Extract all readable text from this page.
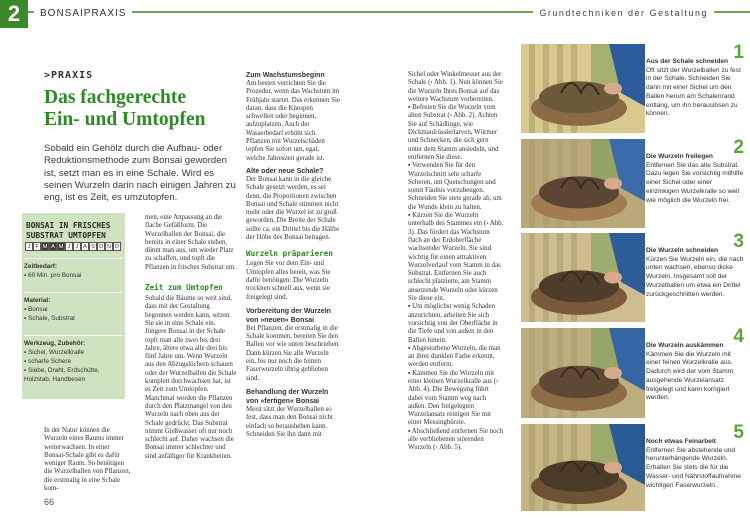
2	BONSAIPRAXIS	Grundtechniken der Gestaltung
>PRAXIS
Das fachgerechte
Ein- und Umtopfen
Sobald ein Gehölz durch die Aufbau- oder Reduktionsmethode zum Bonsai geworden ist, setzt man es in eine Schale. Wird es seinen Wurzeln darin nach einigen Jahren zu eng, ist es Zeit, es umzutopfen.
BONSAI IN FRISCHES
SUBSTRAT UMTOPFEN
J F M A M J J A S O N D
Zeitbedarf:
▪ 60 Min. pro Bonsai
Material:
▪ Bonsai
▪ Schale, Substrat
Werkzeug, Zubehör:
▪ Sichel, Wurzelkralle
▪ scharfe Schere
▪ Siebe, Draht, Erdschütte, Holzstab, Handbesen

In der Natur können die Wurzeln eines Baums immer weiterwachsen. In einer Bonsai-Schale gibt es dafür weniger Raum. So benötigen die Wurzelballen von Pflanzen, die erstmalig in eine Schale kom-

men, eine Anpassung an die flache Gefäßform. Die Wurzelballen der Bonsai, die bereits in einer Schale stehen, dünnt man aus, um wieder Platz zu schaffen, und topft die Pflanzen in frisches Substrat um.

Zeit zum Umtopfen

Sobald die Bäume so weit sind, dass mit der Gestaltung begonnen werden kann, setzen Sie sie in eine Schale ein. Jüngere Bonsai in der Schale topft man alle zwei bis drei Jahre, ältere etwa alle drei bis fünf Jahre um. Wenn Wurzeln aus den Abzugslöchern schauen oder der Wurzelballen die Schale komplett durchwachsen hat, ist es Zeit zum Umtopfen. Manchmal werden die Pflanzen durch den Platzmangel von den Wurzeln nach oben aus der Schale gedrückt. Das Substrat nimmt Gießwasser oft nur noch schlecht auf. Daher wachsen die Bonsai immer schlechter und sind anfälliger für Krankheiten.

Zum Wachstumsbeginn

Am besten verrichten Sie die Prozedur, wenn das Wachstum im Frühjahr startet. Das erkennen Sie daran, dass die Knospen schwellen oder beginnen, aufzuplatzen. Auch der Wasserbedarf erhöht sich. Pflanzen mit Wurzelschäden topfen Sie sofort um, egal, welche Jahreszeit gerade ist.

Alte oder neue Schale?

Der Bonsai kann in die gleiche Schale gesetzt werden, es sei denn, die Proportionen zwischen Bonsai und Schale stimmen nicht mehr oder die Wurzel ist zu groß geworden. Die Breite der Schale sollte ca. ein Drittel bis die Hälfte der Höhe des Bonsai betragen.

Wurzeln präparieren

Legen Sie vor dem Ein- und Umtopfen alles bereit, was Sie dafür benötigen: Die Wurzeln trocknen schnell aus, wenn sie freigelegt sind.

Vorbereitung der Wurzeln von »neuen« Bonsai

Bei Pflanzen, die erstmalig in die Schale kommen, bereiten Sie den Ballen vor wie unten beschrieben. Dann kürzen Sie alle Wurzeln ein, bis nur noch die feinen Faserwurzeln übrig geblieben sind.

Behandlung der Wurzeln von »fertigen« Bonsai

Meist sitzt der Wurzelballen so fest, dass man den Bonsai nicht einfach so herausheben kann. Schneiden Sie ihn dann mit

Sichel oder Winkelmesser aus der Schale (› Abb. 1). Nun können Sie die Wurzeln Ihres Bonsai auf das weitere Wachstum vorbereiten.

▪ Befreien Sie die Wurzeln vom alten Substrat (› Abb. 2). Achten Sie auf Schädlinge, wie Dickmaulrüsslerlarven, Würmer und Schnecken, die sich gern unter dem Stamm ansiedeln, und entfernen Sie diese.

▪ Verwenden Sie für den Wurzelschnitt sehr scharfe Scheren, um Quetschungen und somit Fäulnis vorzubeugen. Schneiden Sie stets gerade ab, um die Wunde klein zu halten.

▪ Kürzen Sie die Wurzeln unterhalb des Stammes ein (› Abb. 3). Das fördert das Wachstum flach an der Erdoberfläche wachsender Wurzeln. Sie sind wichtig für einen attraktiven Wurzelverlauf vom Stamm in das Substrat. Entfernen Sie auch schlecht platzierte, am Stamm ansetzende Wurzeln oder kürzen Sie diese ein.

▪ Um möglichst wenig Schaden anzurichten, arbeiten Sie sich vorsichtig von der Oberfläche in die Tiefe und von außen in den Ballen hinein.

▪ Abgestorbene Wurzeln, die man an ihrer dunklen Farbe erkennt, werden entfernt.

▪ Kämmen Sie die Wurzeln mit einer kleinen Wurzelkralle aus (› Abb. 4). Die Bewegung führt dabei vom Stamm weg nach außen. Den freigelegten Wurzelansatz reinigen Sie mit einer Messingbürste.

▪ Abschließend entfernen Sie noch alle verbliebenen störenden Wurzeln (› Abb. 5).

66
Aus der Schale schneiden
Oft sitzt der Wurzelballen zu fest in der Schale. Schneiden Sie dann mit einer Sichel um den Ballen herum am Schalenrand entlang, um ihn herauslösen zu können.
1
Die Wurzeln freilegen
Entfernen Sie das alte Substrat. Dazu legen Sie vorsichtig mithilfe einer Sichel oder einer einzinkigen Wurzelkralle so weit wie möglich die Wurzeln frei.
2
Die Wurzeln schneiden
Kürzen Sie Wurzeln ein, die nach unten wachsen, ebenso dicke Wurzeln. Insgesamt soll der Wurzelballen um etwa ein Drittel zurückgeschnitten werden.
3
Die Wurzeln auskämmen
Kämmen Sie die Wurzeln mit einer feinen Wurzelkralle aus. Dadurch wird der vom Stamm ausgehende Wurzelansatz freigelegt und kann korrigiert werden.
4
Noch etwas Feinarbeit
Entfernen Sie abstehende und herunterhängende Wurzeln. Erhalten Sie stets die für die Wasser- und Nährstoffaufnahme wichtigen Faserwurzeln.
5
